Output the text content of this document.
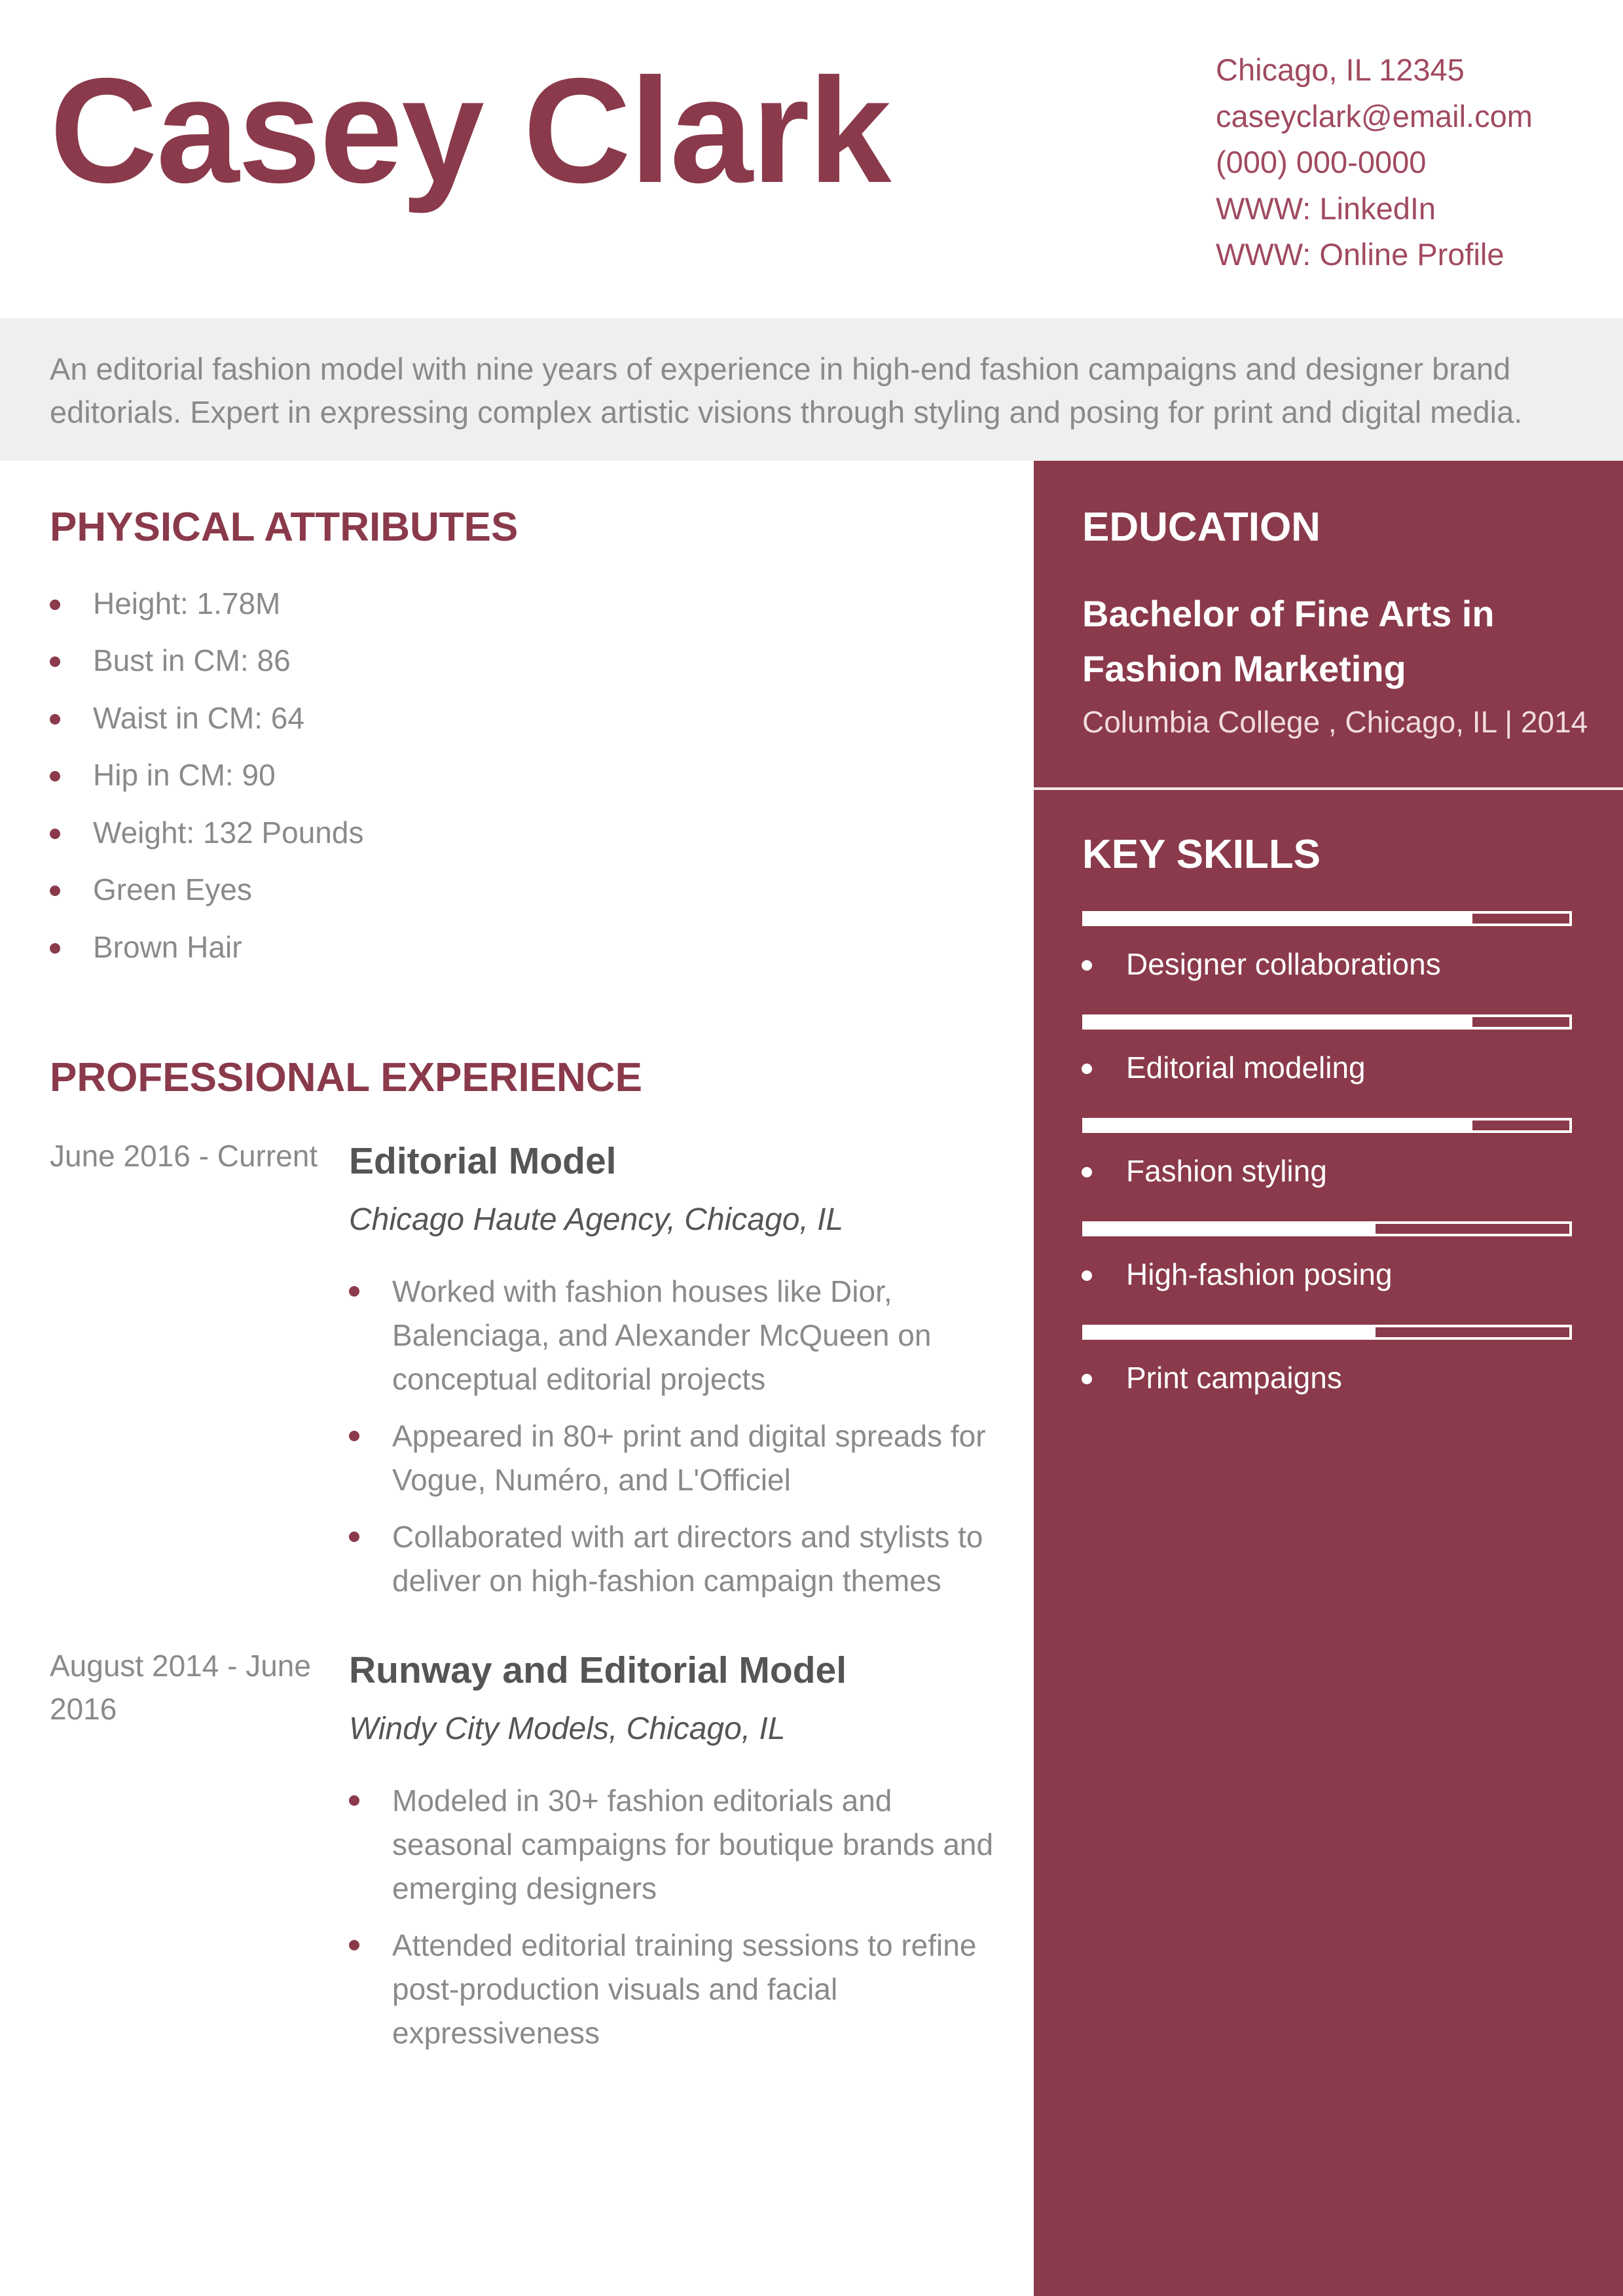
Casey Clark	Chicago, IL 12345
caseyclark@email.com
(000) 000-0000
WWW: LinkedIn
WWW: Online Profile
An editorial fashion model with nine years of experience in high-end fashion campaigns and designer brand editorials. Expert in expressing complex artistic visions through styling and posing for print and digital media.
EDUCATION
Bachelor of Fine Arts in Fashion Marketing
Columbia College , Chicago, IL | 2014
KEY SKILLS
Designer collaborations
Editorial modeling
Fashion styling
High-fashion posing
Print campaigns
PHYSICAL ATTRIBUTES
Height: 1.78M
Bust in CM: 86
Waist in CM: 64
Hip in CM: 90
Weight: 132 Pounds
Green Eyes
Brown Hair
PROFESSIONAL EXPERIENCE
June 2016 - Current Editorial Model
Chicago Haute Agency, Chicago, IL
Worked with fashion houses like Dior, Balenciaga, and Alexander McQueen on conceptual editorial projects
Appeared in 80+ print and digital spreads for Vogue, Numéro, and L'Officiel
Collaborated with art directors and stylists to deliver on high-fashion campaign themes
August 2014 - June 2016
Runway and Editorial Model
Windy City Models, Chicago, IL
Modeled in 30+ fashion editorials and seasonal campaigns for boutique brands and emerging designers
Attended editorial training sessions to refine post-production visuals and facial expressiveness
